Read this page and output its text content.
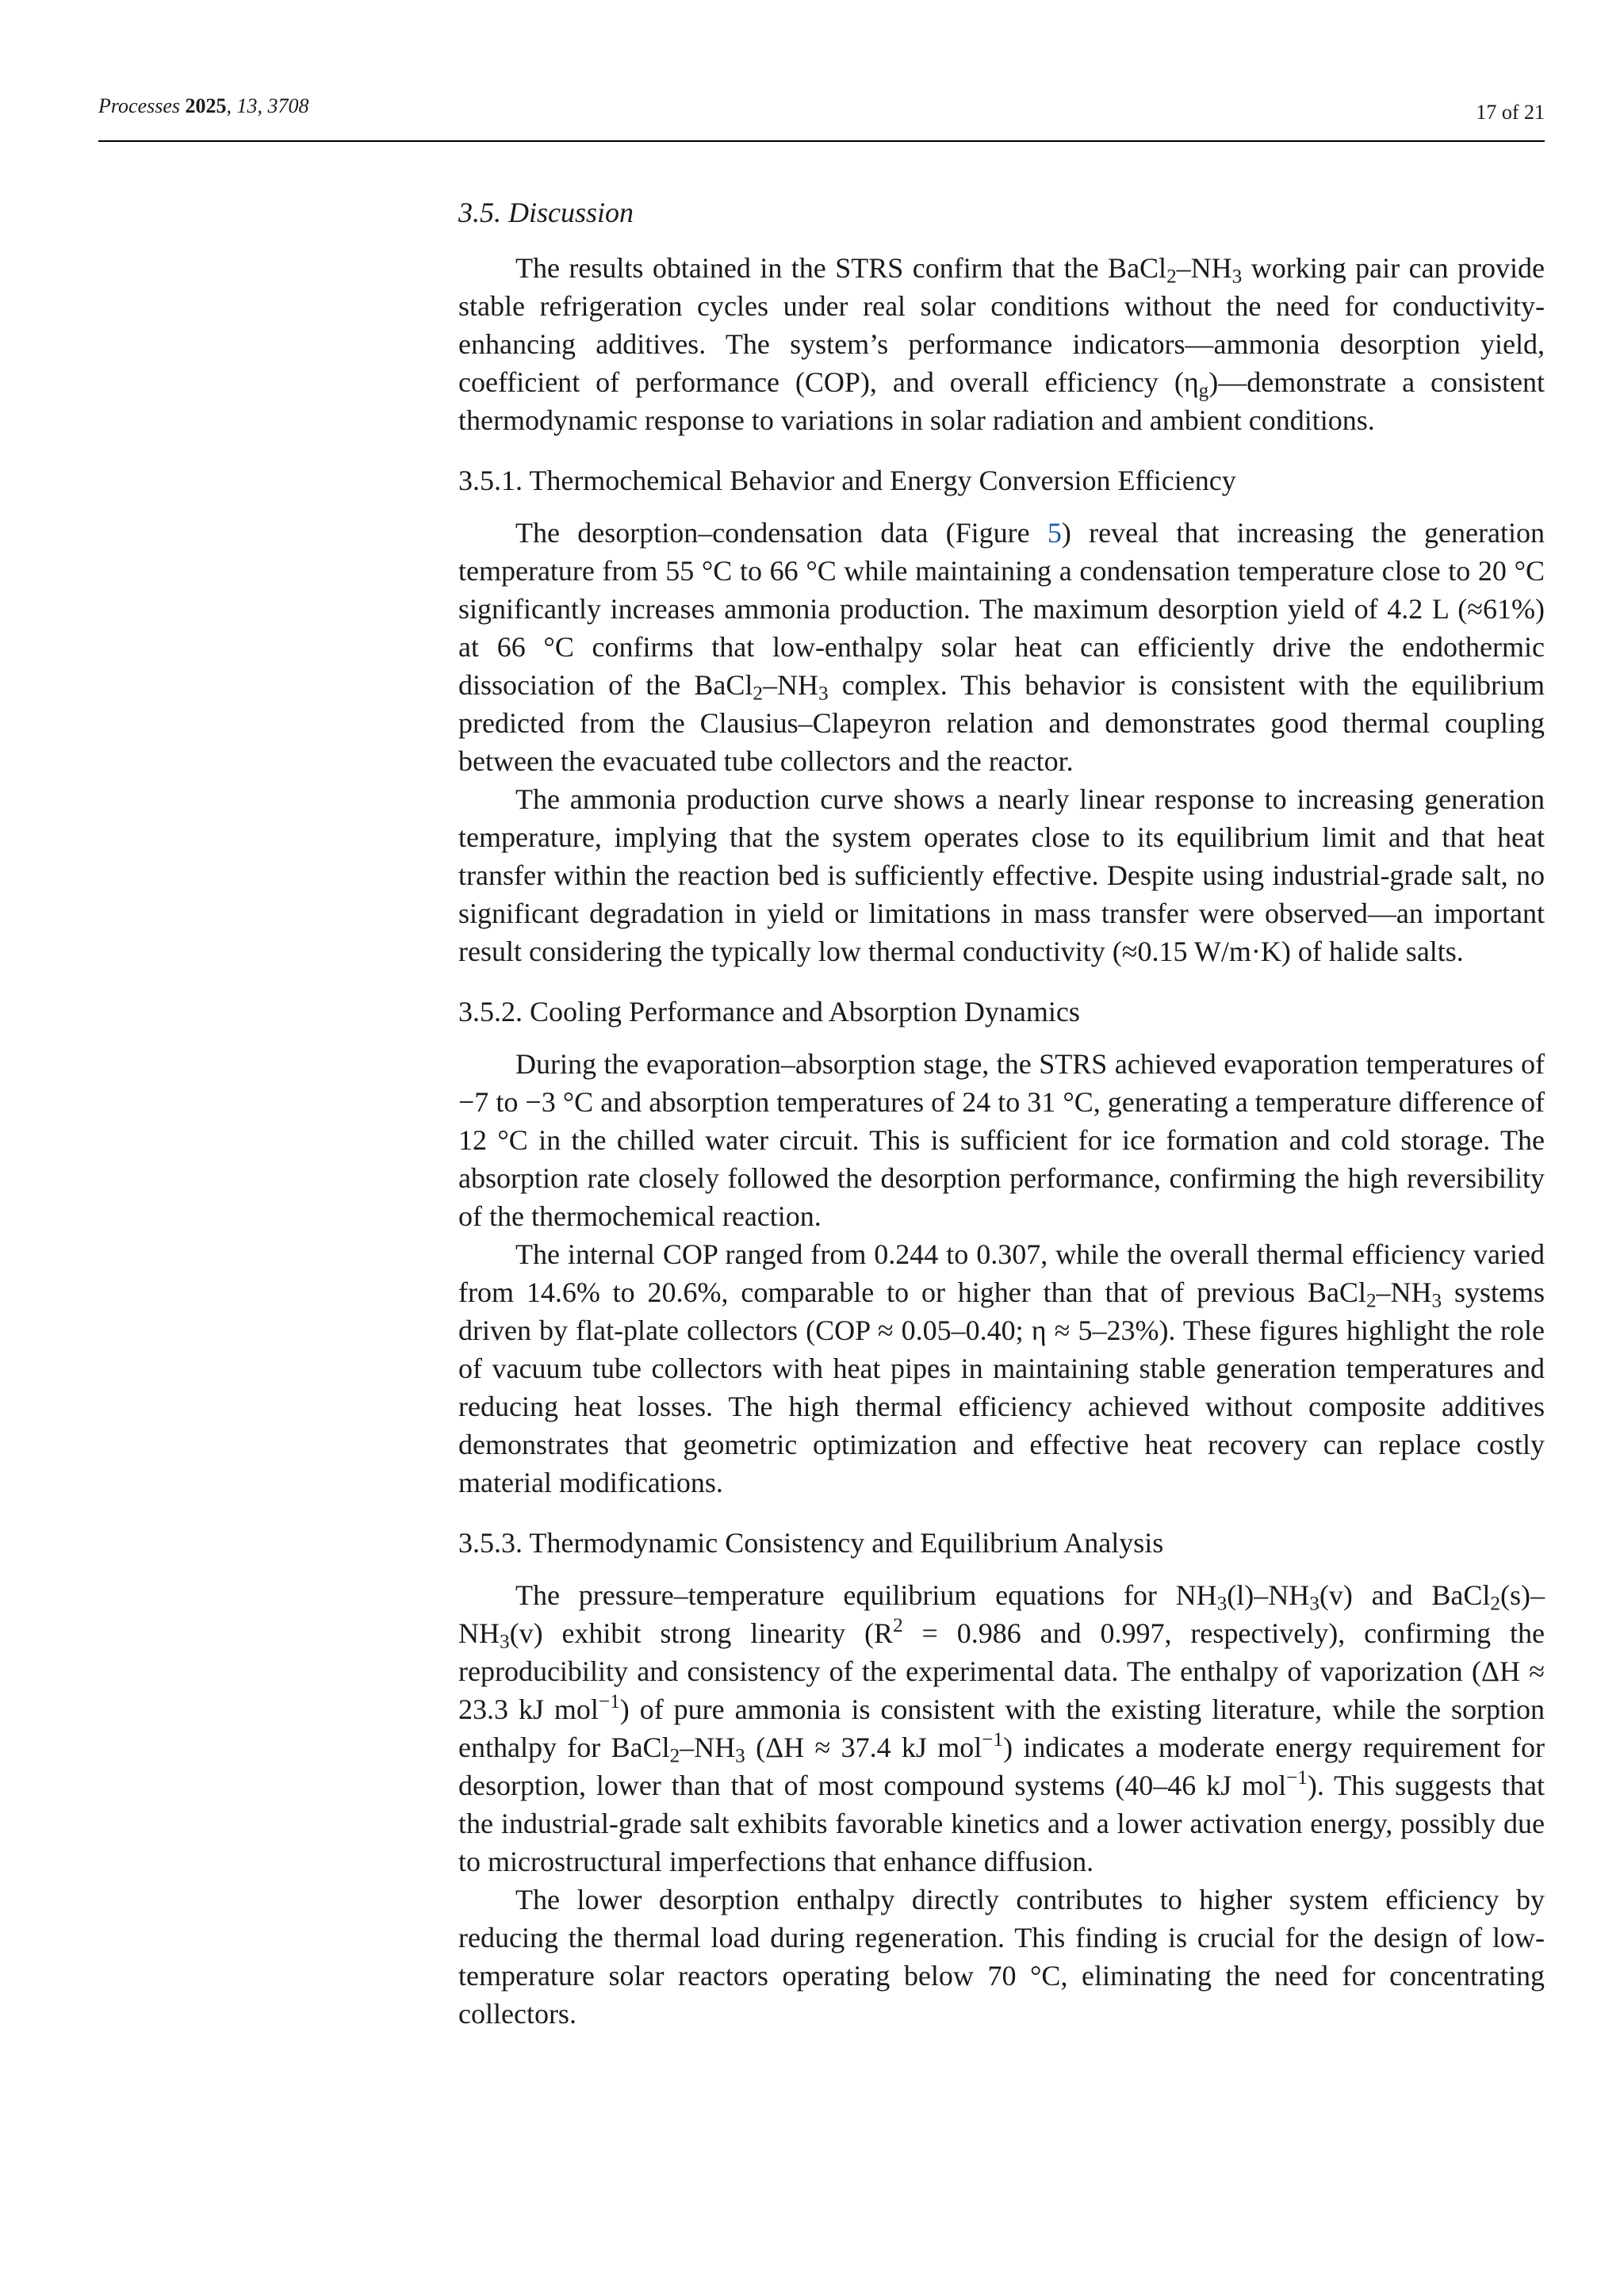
Processes 2025, 13, 3708	17 of 21
3.5. Discussion

The results obtained in the STRS confirm that the $BaCl_2-NH_3$ working pair can provide stable refrigeration cycles under real solar conditions without the need for conductivity-enhancing additives. The system’s performance indicators—ammonia desorption yield, coefficient of performance (COP), and overall efficiency $(\eta_g)—demonstrate$ a consistent thermodynamic response to variations in solar radiation and ambient conditions.

3.5.1. Thermochemical Behavior and Energy Conversion Efficiency

The desorption–condensation data (Figure 5) reveal that increasing the generation temperature from 55 °C to 66 °C while maintaining a condensation temperature close to 20 °C significantly increases ammonia production. The maximum desorption yield of 4.2 L (≈61%) at 66 °C confirms that low-enthalpy solar heat can efficiently drive the endothermic dissociation of the $BaCl_2-NH_3$ complex. This behavior is consistent with the equilibrium predicted from the Clausius–Clapeyron relation and demonstrates good thermal coupling between the evacuated tube collectors and the reactor.

The ammonia production curve shows a nearly linear response to increasing generation temperature, implying that the system operates close to its equilibrium limit and that heat transfer within the reaction bed is sufficiently effective. Despite using industrial-grade salt, no significant degradation in yield or limitations in mass transfer were observed—an important result considering the typically low thermal conductivity (≈0.15 W/m·K) of halide salts.

3.5.2. Cooling Performance and Absorption Dynamics

During the evaporation–absorption stage, the STRS achieved evaporation temperatures of −7 to −3 °C and absorption temperatures of 24 to 31 °C, generating a temperature difference of 12 °C in the chilled water circuit. This is sufficient for ice formation and cold storage. The absorption rate closely followed the desorption performance, confirming the high reversibility of the thermochemical reaction.

The internal COP ranged from 0.244 to 0.307, while the overall thermal efficiency varied from 14.6% to 20.6%, comparable to or higher than that of previous $BaCl_2-NH_3$ systems driven by flat-plate collectors (COP ≈ 0.05–0.40; η ≈ 5–23%). These figures highlight the role of vacuum tube collectors with heat pipes in maintaining stable generation temperatures and reducing heat losses. The high thermal efficiency achieved without composite additives demonstrates that geometric optimization and effective heat recovery can replace costly material modifications.

3.5.3. Thermodynamic Consistency and Equilibrium Analysis

The pressure–temperature equilibrium equations for $NH_3(l)-NH_3(v)$ and $BaCl_2(s)-NH_3(v)$ exhibit strong linearity ($R^2 = 0.986$ and 0.997, respectively), confirming the reproducibility and consistency of the experimental data. The enthalpy of vaporization (ΔH ≈ 23.3 kJ mol$^{-1}$) of pure ammonia is consistent with the existing literature, while the sorption enthalpy for $BaCl_2-NH_3$ (ΔH ≈ 37.4 kJ mol$^{-1}$) indicates a moderate energy requirement for desorption, lower than that of most compound systems (40–46 kJ mol$^{-1}$). This suggests that the industrial-grade salt exhibits favorable kinetics and a lower activation energy, possibly due to microstructural imperfections that enhance diffusion.

The lower desorption enthalpy directly contributes to higher system efficiency by reducing the thermal load during regeneration. This finding is crucial for the design of low-temperature solar reactors operating below 70 °C, eliminating the need for concentrating collectors.
